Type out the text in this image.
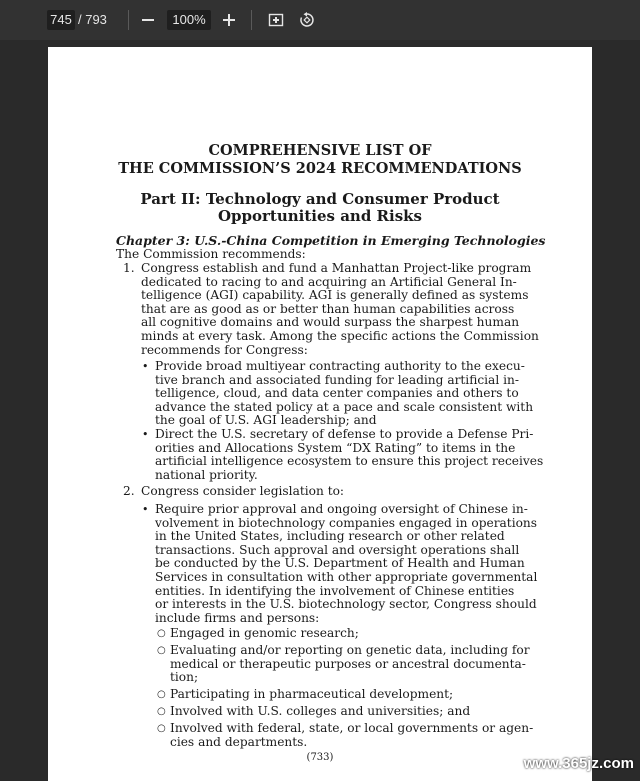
745 / 793	100%
COMPREHENSIVE LIST OF
THE COMMISSION’S 2024 RECOMMENDATIONS
Part II: Technology and Consumer Product
Opportunities and Risks
Chapter 3: U.S.-China Competition in Emerging Technologies
The Commission recommends:
1. Congress establish and fund a Manhattan Project-like program
dedicated to racing to and acquiring an Artificial General In-
telligence (AGI) capability. AGI is generally defined as systems
that are as good as or better than human capabilities across
all cognitive domains and would surpass the sharpest human
minds at every task. Among the specific actions the Commission
recommends for Congress:
• Provide broad multiyear contracting authority to the execu-
tive branch and associated funding for leading artificial in-
telligence, cloud, and data center companies and others to
advance the stated policy at a pace and scale consistent with
the goal of U.S. AGI leadership; and
• Direct the U.S. secretary of defense to provide a Defense Pri-
orities and Allocations System “DX Rating” to items in the
artificial intelligence ecosystem to ensure this project receives
national priority.
2. Congress consider legislation to:
• Require prior approval and ongoing oversight of Chinese in-
volvement in biotechnology companies engaged in operations
in the United States, including research or other related
transactions. Such approval and oversight operations shall
be conducted by the U.S. Department of Health and Human
Services in consultation with other appropriate governmental
entities. In identifying the involvement of Chinese entities
or interests in the U.S. biotechnology sector, Congress should
include firms and persons:
○ Engaged in genomic research;
○ Evaluating and/or reporting on genetic data, including for
medical or therapeutic purposes or ancestral documenta-
tion;
○ Participating in pharmaceutical development;
○ Involved with U.S. colleges and universities; and
○ Involved with federal, state, or local governments or agen-
cies and departments.
(733)	www.365jz.com
